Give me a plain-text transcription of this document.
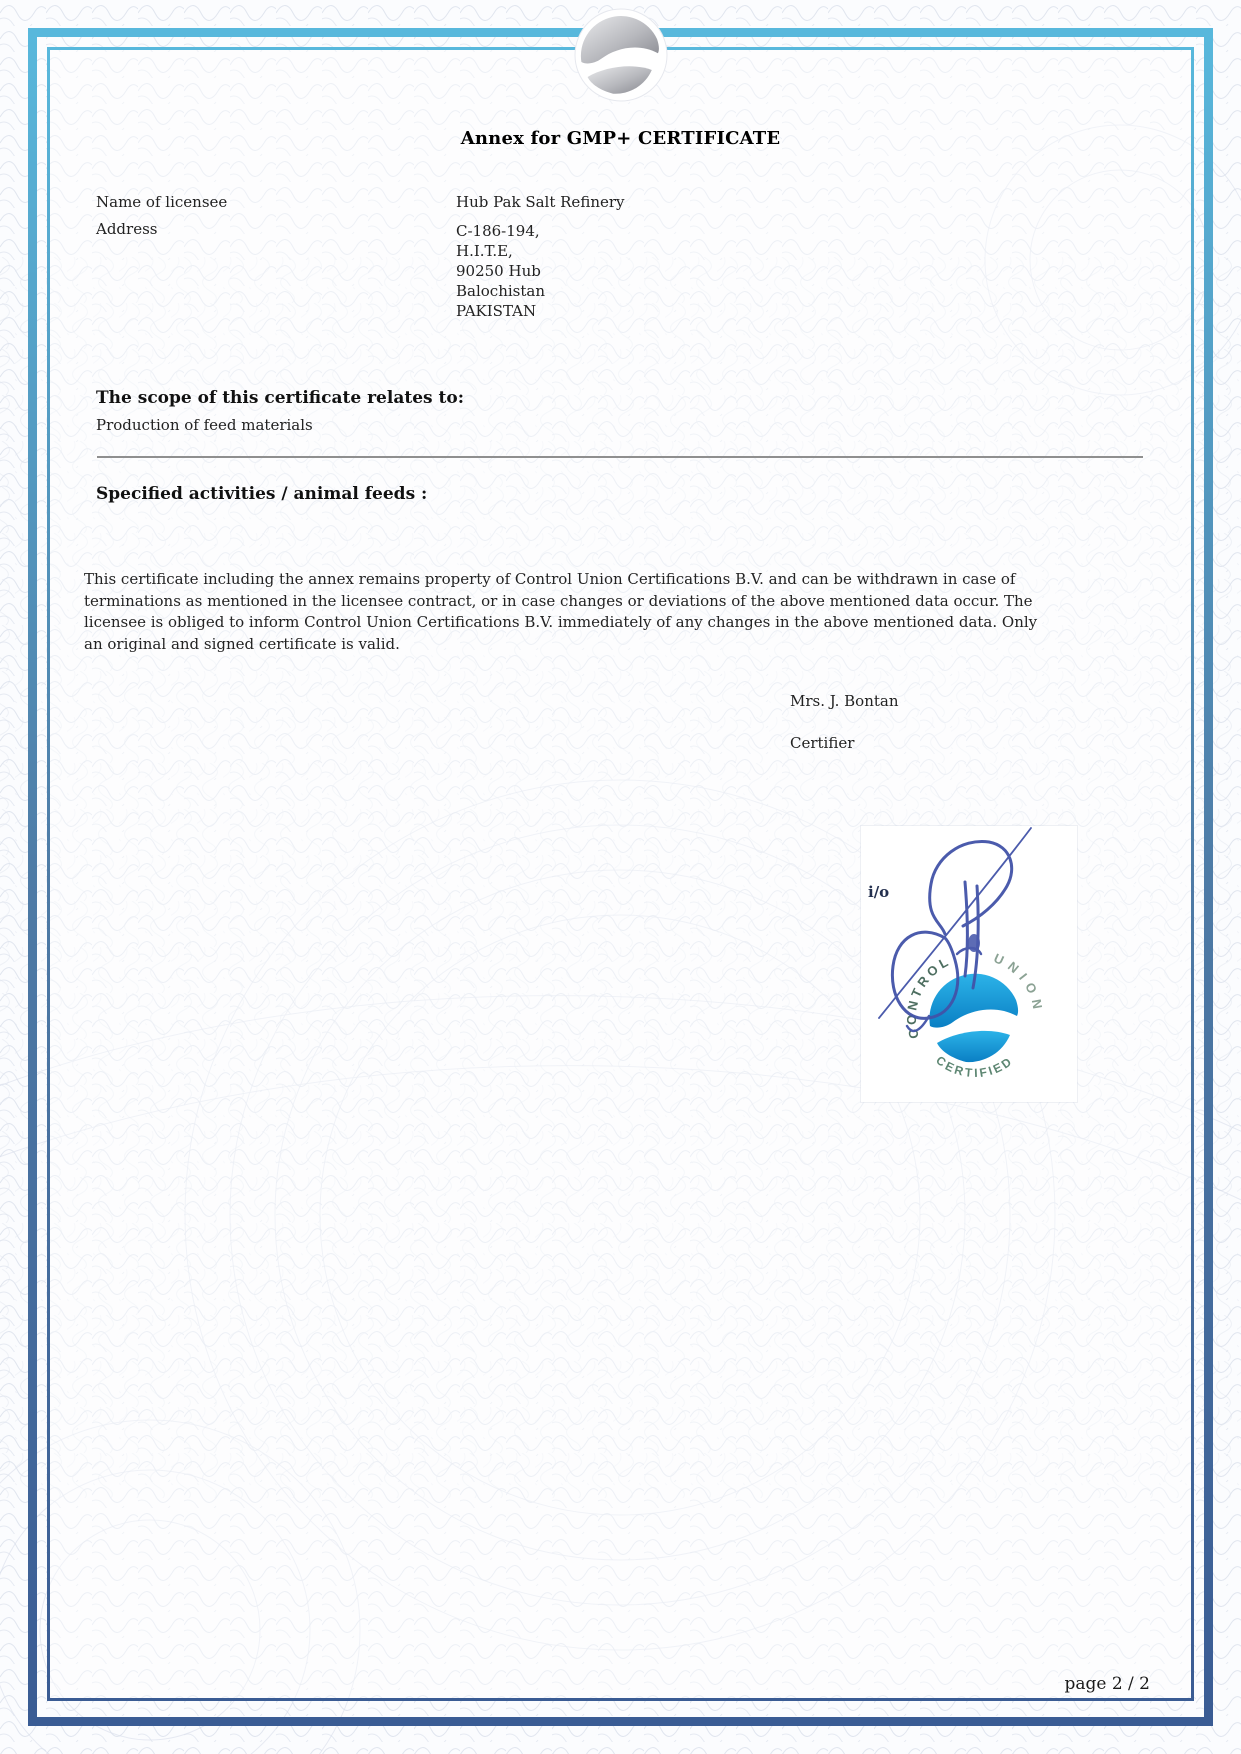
Annex for GMP+ CERTIFICATE
Name of licensee
Address
Hub Pak Salt Refinery
C-186-194,
H.I.T.E,
90250 Hub
Balochistan
PAKISTAN
The scope of this certificate relates to:
Production of feed materials
Specified activities / animal feeds :
This certificate including the annex remains property of Control Union Certifications B.V. and can be withdrawn in case of terminations as mentioned in the licensee contract, or in case changes or deviations of the above mentioned data occur. The licensee is obliged to inform Control Union Certifications B.V. immediately of any changes in the above mentioned data. Only an original and signed certificate is valid.
Mrs. J. Bontan
Certifier
i/o
CONTROL	UNION
CERTIFIED
page 2 / 2
